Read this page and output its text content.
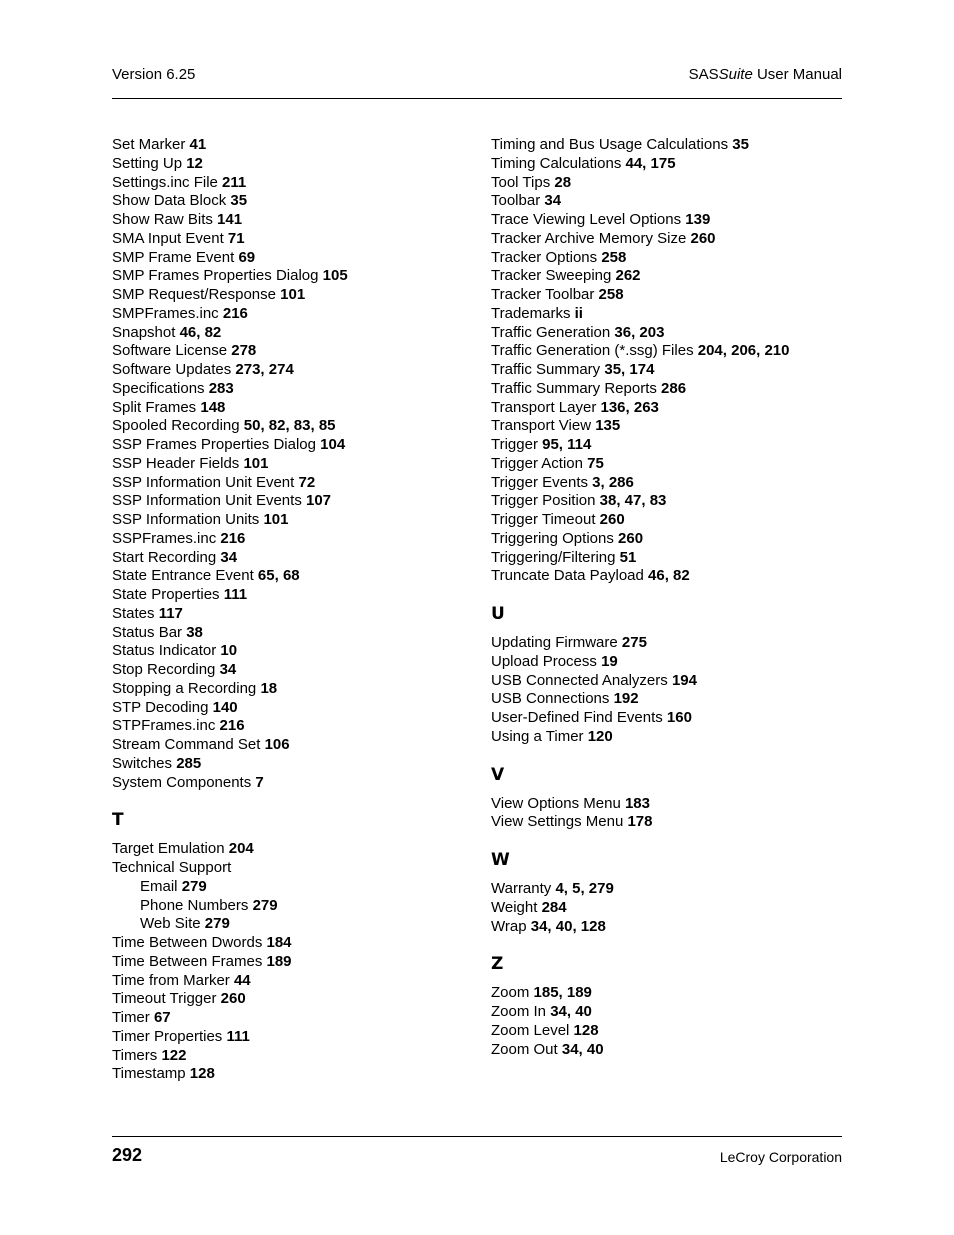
Version 6.25	SASSuite User Manual
Set Marker 41
Setting Up 12
Settings.inc File 211
Show Data Block 35
Show Raw Bits 141
SMA Input Event 71
SMP Frame Event 69
SMP Frames Properties Dialog 105
SMP Request/Response 101
SMPFrames.inc 216
Snapshot 46, 82
Software License 278
Software Updates 273, 274
Specifications 283
Split Frames 148
Spooled Recording 50, 82, 83, 85
SSP Frames Properties Dialog 104
SSP Header Fields 101
SSP Information Unit Event 72
SSP Information Unit Events 107
SSP Information Units 101
SSPFrames.inc 216
Start Recording 34
State Entrance Event 65, 68
State Properties 111
States 117
Status Bar 38
Status Indicator 10
Stop Recording 34
Stopping a Recording 18
STP Decoding 140
STPFrames.inc 216
Stream Command Set 106
Switches 285
System Components 7
T
Target Emulation 204
Technical Support
Email 279
Phone Numbers 279
Web Site 279
Time Between Dwords 184
Time Between Frames 189
Time from Marker 44
Timeout Trigger 260
Timer 67
Timer Properties 111
Timers 122
Timestamp 128
Timing and Bus Usage Calculations 35
Timing Calculations 44, 175
Tool Tips 28
Toolbar 34
Trace Viewing Level Options 139
Tracker Archive Memory Size 260
Tracker Options 258
Tracker Sweeping 262
Tracker Toolbar 258
Trademarks ii
Traffic Generation 36, 203
Traffic Generation (*.ssg) Files 204, 206, 210
Traffic Summary 35, 174
Traffic Summary Reports 286
Transport Layer 136, 263
Transport View 135
Trigger 95, 114
Trigger Action 75
Trigger Events 3, 286
Trigger Position 38, 47, 83
Trigger Timeout 260
Triggering Options 260
Triggering/Filtering 51
Truncate Data Payload 46, 82
U
Updating Firmware 275
Upload Process 19
USB Connected Analyzers 194
USB Connections 192
User-Defined Find Events 160
Using a Timer 120
V
View Options Menu 183
View Settings Menu 178
W
Warranty 4, 5, 279
Weight 284
Wrap 34, 40, 128
Z
Zoom 185, 189
Zoom In 34, 40
Zoom Level 128
Zoom Out 34, 40
292	LeCroy Corporation
